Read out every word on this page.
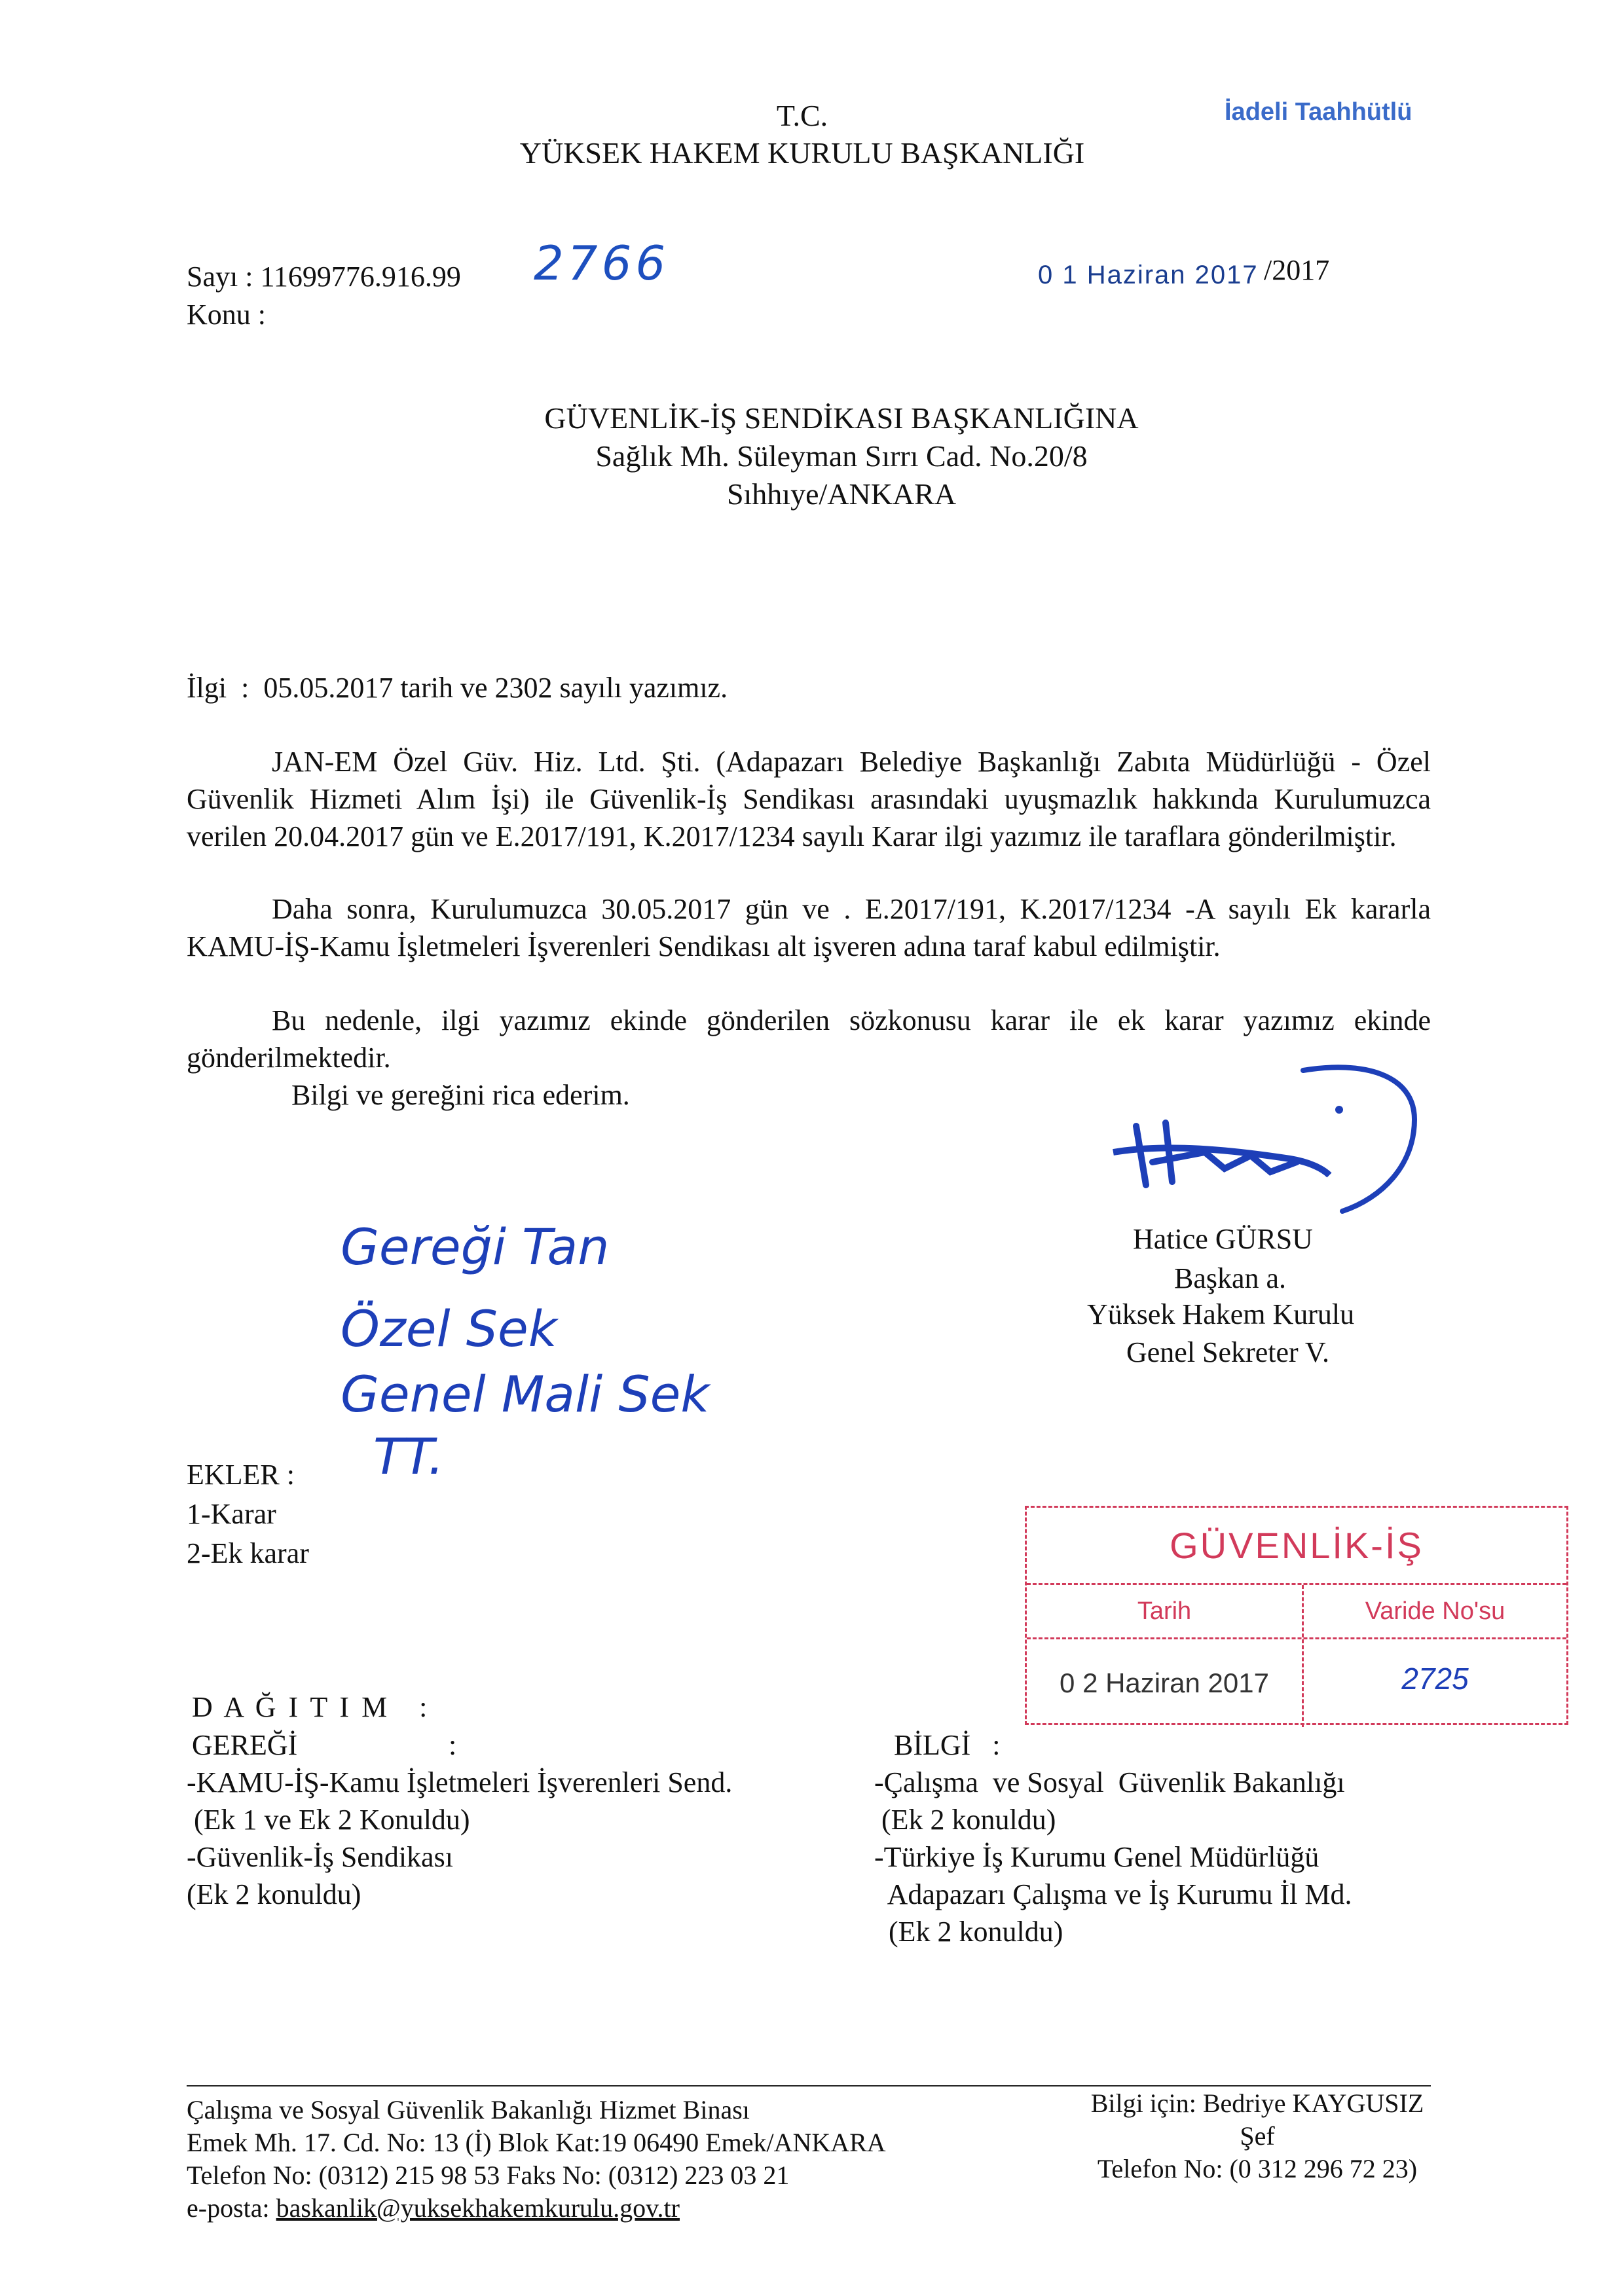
T.C.
YÜKSEK HAKEM KURULU BAŞKANLIĞI
İadeli Taahhütlü
Sayı : 11699776.916.99 2766
Konu :
0 1 Haziran 2017 /2017
GÜVENLİK-İŞ SENDİKASI BAŞKANLIĞINA
Sağlık Mh. Süleyman Sırrı Cad. No.20/8
Sıhhıye/ANKARA
İlgi  :  05.05.2017 tarih ve 2302 sayılı yazımız.
JAN-EM Özel Güv. Hiz. Ltd. Şti. (Adapazarı Belediye Başkanlığı Zabıta Müdürlüğü - Özel Güvenlik Hizmeti Alım İşi) ile Güvenlik-İş Sendikası arasındaki uyuşmazlık hakkında Kurulumuzca verilen 20.04.2017 gün ve E.2017/191, K.2017/1234 sayılı Karar ilgi yazımız ile taraflara gönderilmiştir.
Daha sonra, Kurulumuzca 30.05.2017 gün ve . E.2017/191, K.2017/1234 -A sayılı Ek kararla KAMU-İŞ-Kamu İşletmeleri İşverenleri Sendikası alt işveren adına taraf kabul edilmiştir.
Bu nedenle, ilgi yazımız ekinde gönderilen sözkonusu karar ile ek karar yazımız ekinde gönderilmektedir.
Bilgi ve gereğini rica ederim.
Hatice GÜRSU
Başkan a.
Yüksek Hakem Kurulu
Genel Sekreter V.
Gereği Tan
Özel Sek
Genel Mali Sek
TT.
EKLER :
1-Karar
2-Ek karar	GÜVENLİK-İŞ
Tarih	Varide No'su
0 2 Haziran 2017	2725
D A Ğ I T I M   :
GEREĞİ	:
-KAMU-İŞ-Kamu İşletmeleri İşverenleri Send.
(Ek 1 ve Ek 2 Konuldu)
-Güvenlik-İş Sendikası
(Ek 2 konuldu)
BİLGİ   :
-Çalışma  ve Sosyal  Güvenlik Bakanlığı
(Ek 2 konuldu)
-Türkiye İş Kurumu Genel Müdürlüğü
Adapazarı Çalışma ve İş Kurumu İl Md.
(Ek 2 konuldu)
Çalışma ve Sosyal Güvenlik Bakanlığı Hizmet Binası
Emek Mh. 17. Cd. No: 13 (İ) Blok Kat:19 06490 Emek/ANKARA
Telefon No: (0312) 215 98 53 Faks No: (0312) 223 03 21
e-posta: baskanlik@yuksekhakemkurulu.gov.tr
Bilgi için: Bedriye KAYGUSIZ
Şef
Telefon No: (0 312 296 72 23)
